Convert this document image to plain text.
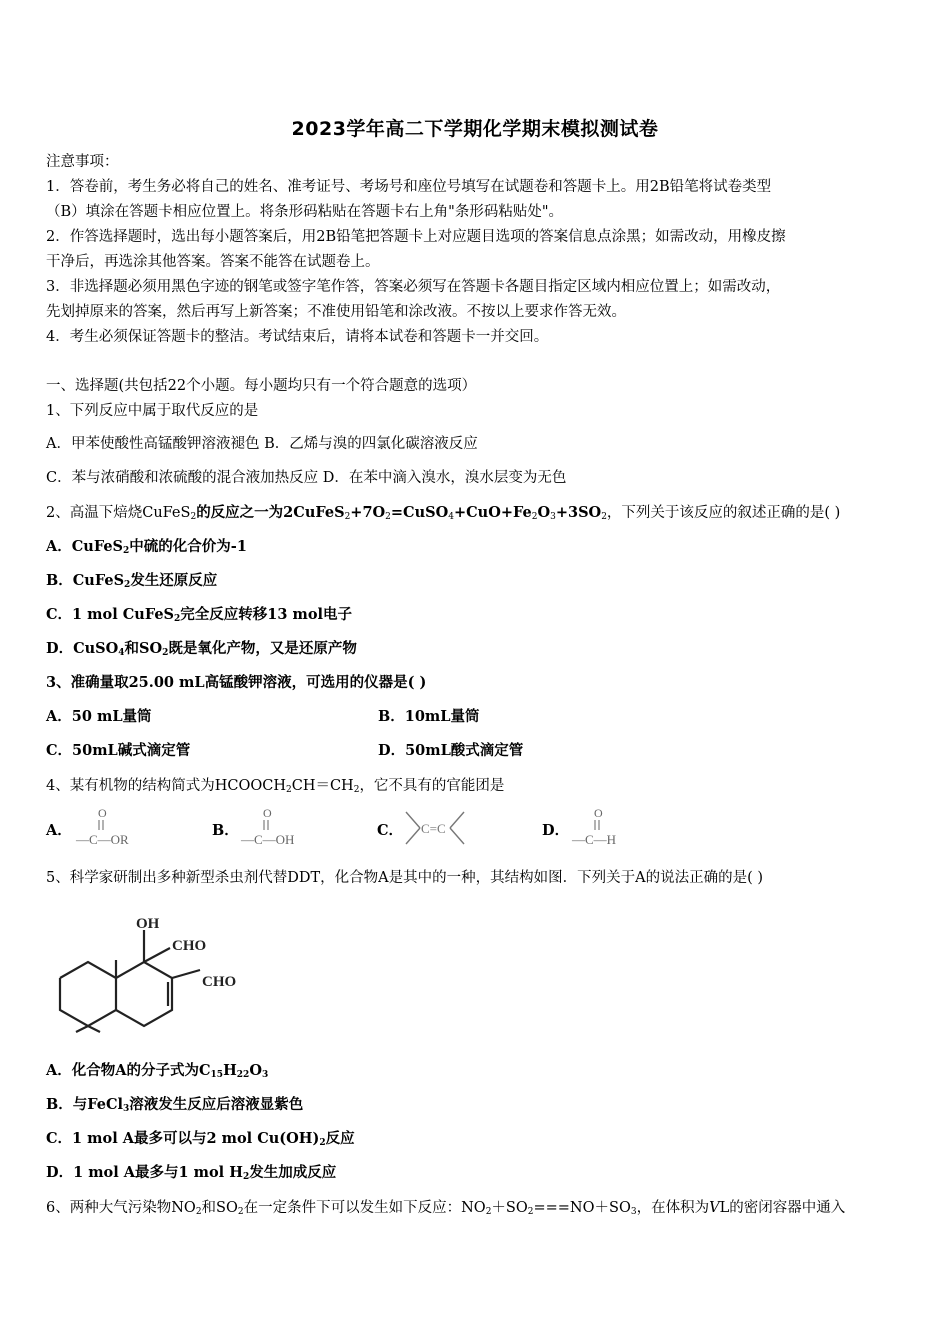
2023学年高二下学期化学期末模拟测试卷
注意事项：
1．答卷前，考生务必将自己的姓名、准考证号、考场号和座位号填写在试题卷和答题卡上。用2B铅笔将试卷类型
（B）填涂在答题卡相应位置上。将条形码粘贴在答题卡右上角"条形码粘贴处"。
2．作答选择题时，选出每小题答案后，用2B铅笔把答题卡上对应题目选项的答案信息点涂黑；如需改动，用橡皮擦
干净后，再选涂其他答案。答案不能答在试题卷上。
3．非选择题必须用黑色字迹的钢笔或签字笔作答，答案必须写在答题卡各题目指定区域内相应位置上；如需改动，
先划掉原来的答案，然后再写上新答案；不准使用铅笔和涂改液。不按以上要求作答无效。
4．考生必须保证答题卡的整洁。考试结束后，请将本试卷和答题卡一并交回。
一、选择题(共包括22个小题。每小题均只有一个符合题意的选项）
1、下列反应中属于取代反应的是
A．甲苯使酸性高锰酸钾溶液褪色 B．乙烯与溴的四氯化碳溶液反应
C．苯与浓硝酸和浓硫酸的混合液加热反应 D．在苯中滴入溴水，溴水层变为无色
2、高温下焙烧CuFeS$_2$的反应之一为$2CuFeS_2+7O_2=CuSO_4+CuO+Fe_2O_3+3SO_2$，下列关于该反应的叙述正确的是( )
A．CuFeS$_2$中硫的化合价为-1
B．CuFeS$_2$发生还原反应
C．1 mol CuFeS$_2$完全反应转移13 mol电子
D．CuSO$_4$和$SO_2$既是氧化产物，又是还原产物
3、准确量取25.00 mL高锰酸钾溶液，可选用的仪器是( )
A．50 mL量筒	B．10mL量筒
C．50mL碱式滴定管	D．50mL酸式滴定管
4、某有机物的结构简式为$HCOOCH_2CH=CH_2$，它不具有的官能团是
A．	B．	C．	D．
O
—C—OR
O
—C—OH
C=C
O
—C—H
5、科学家研制出多种新型杀虫剂代替DDT，化合物A是其中的一种，其结构如图．下列关于A的说法正确的是( )
OH
CHO
CHO
A．化合物A的分子式为$C_{15}H_{22}O_3$
B．与FeCl$_3$溶液发生反应后溶液显紫色
C．1 mol A最多可以与2 mol $Cu(OH)_2$反应
D．1 mol A最多与1 mol $H_2$发生加成反应
6、两种大气污染物$NO_2$和$SO_2$在一定条件下可以发生如下反应：$NO_2+SO_2===NO+SO_3$，在体积为VL的密闭容器中通入
